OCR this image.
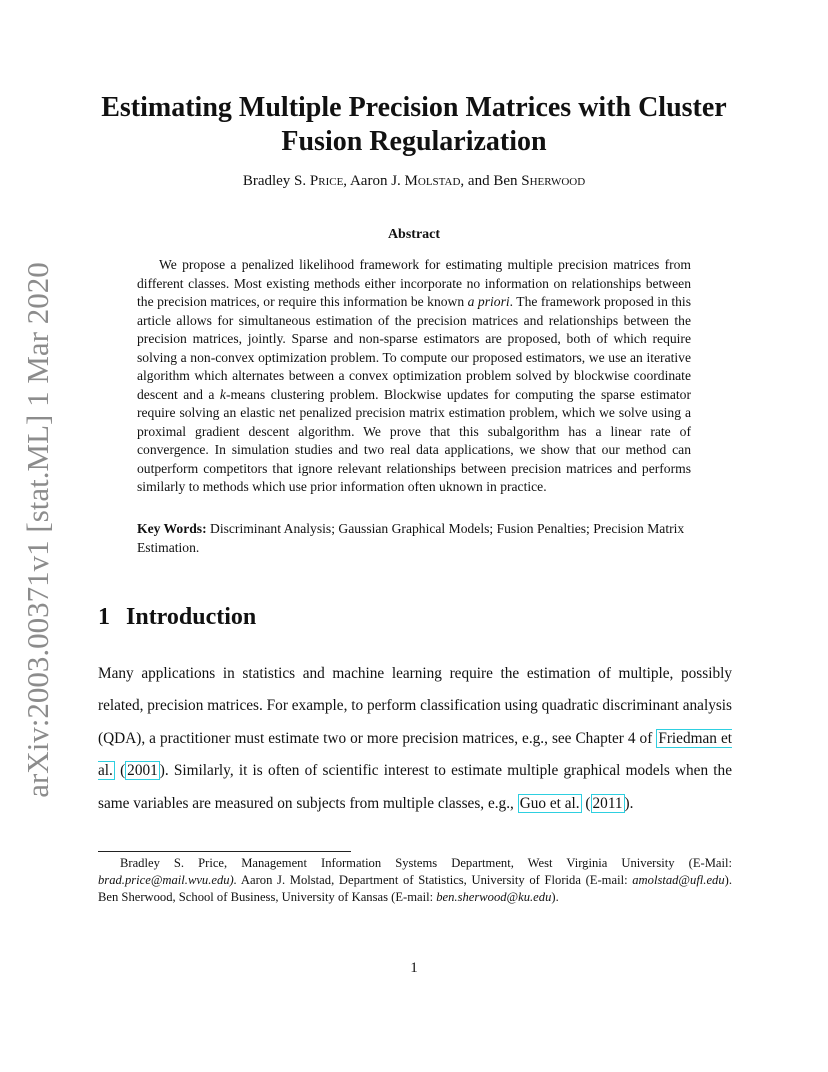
arXiv:2003.00371v1 [stat.ML] 1 Mar 2020
Estimating Multiple Precision Matrices with Cluster Fusion Regularization
Bradley S. Price, Aaron J. Molstad, and Ben Sherwood
Abstract

We propose a penalized likelihood framework for estimating multiple precision matrices from different classes. Most existing methods either incorporate no information on relationships between the precision matrices, or require this information be known a priori. The framework proposed in this article allows for simultaneous estimation of the precision matrices and relationships between the precision matrices, jointly. Sparse and non-sparse estimators are proposed, both of which require solving a non-convex optimization problem. To compute our proposed estimators, we use an iterative algorithm which alternates between a convex optimization problem solved by blockwise coordinate descent and a k-means clustering problem. Blockwise updates for computing the sparse estimator require solving an elastic net penalized precision matrix estimation problem, which we solve using a proximal gradient descent algorithm. We prove that this subalgorithm has a linear rate of convergence. In simulation studies and two real data applications, we show that our method can outperform competitors that ignore relevant relationships between precision matrices and performs similarly to methods which use prior information often uknown in practice.

Key Words: Discriminant Analysis; Gaussian Graphical Models; Fusion Penalties; Precision Matrix Estimation.

1 Introduction

Many applications in statistics and machine learning require the estimation of multiple, possibly related, precision matrices. For example, to perform classification using quadratic discriminant analysis (QDA), a practitioner must estimate two or more precision matrices, e.g., see Chapter 4 of Friedman et al. ( 2001 ). Similarly, it is often of scientific interest to estimate multiple graphical models when the same variables are measured on subjects from multiple classes, e.g., Guo et al. ( 2011 ).

Bradley S. Price, Management Information Systems Department, West Virginia University (E-Mail: brad.price@mail.wvu.edu). Aaron J. Molstad, Department of Statistics, University of Florida (E-mail: amolstad@ufl.edu). Ben Sherwood, School of Business, University of Kansas (E-mail: ben.sherwood@ku.edu).

1
